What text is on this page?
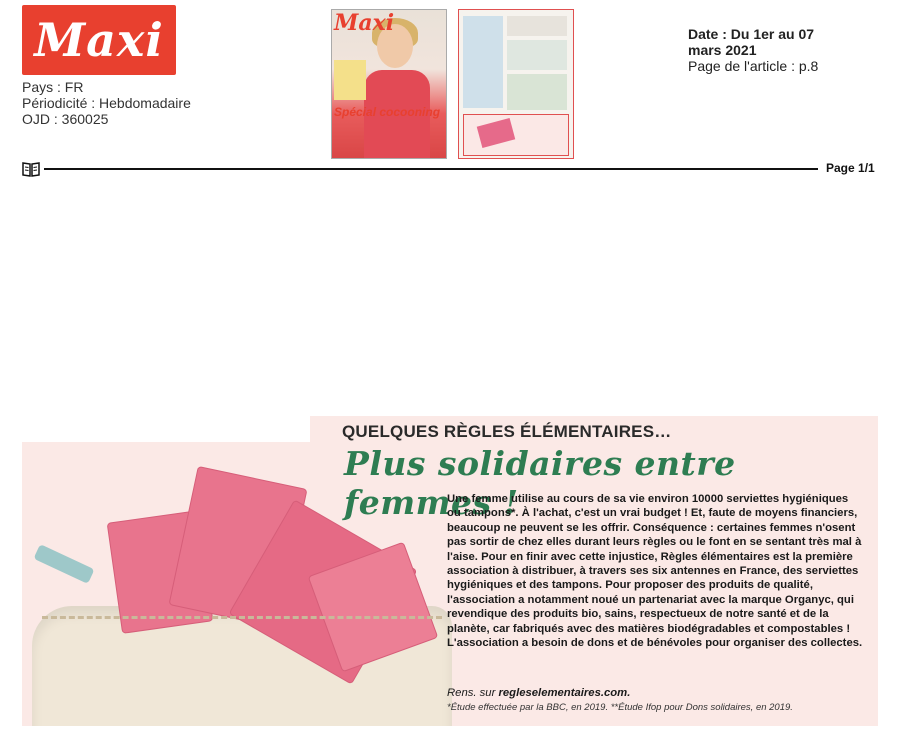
Maxi
Pays : FR
Périodicité : Hebdomadaire
OJD : 360025
Maxi
Spécial cocooning
Date : Du 1er au 07
mars 2021
Page de l'article : p.8
Page 1/1
QUELQUES RÈGLES ÉLÉMENTAIRES…
Plus solidaires entre femmes !
Une femme utilise au cours de sa vie environ 10000 serviettes hygiéniques ou tampons*. À l'achat, c'est un vrai budget ! Et, faute de moyens financiers, beaucoup ne peuvent se les offrir. Conséquence : certaines femmes n'osent pas sortir de chez elles durant leurs règles ou le font en se sentant très mal à l'aise. Pour en finir avec cette injustice, Règles élémentaires est la première association à distribuer, à travers ses six antennes en France, des serviettes hygiéniques et des tampons. Pour proposer des produits de qualité, l'association a notamment noué un partenariat avec la marque Organyc, qui revendique des produits bio, sains, respectueux de notre santé et de la planète, car fabriqués avec des matières biodégradables et compostables ! L'association a besoin de dons et de bénévoles pour organiser des collectes.
Rens. sur regleselementaires.com.
*Étude effectuée par la BBC, en 2019. **Étude Ifop pour Dons solidaires, en 2019.
